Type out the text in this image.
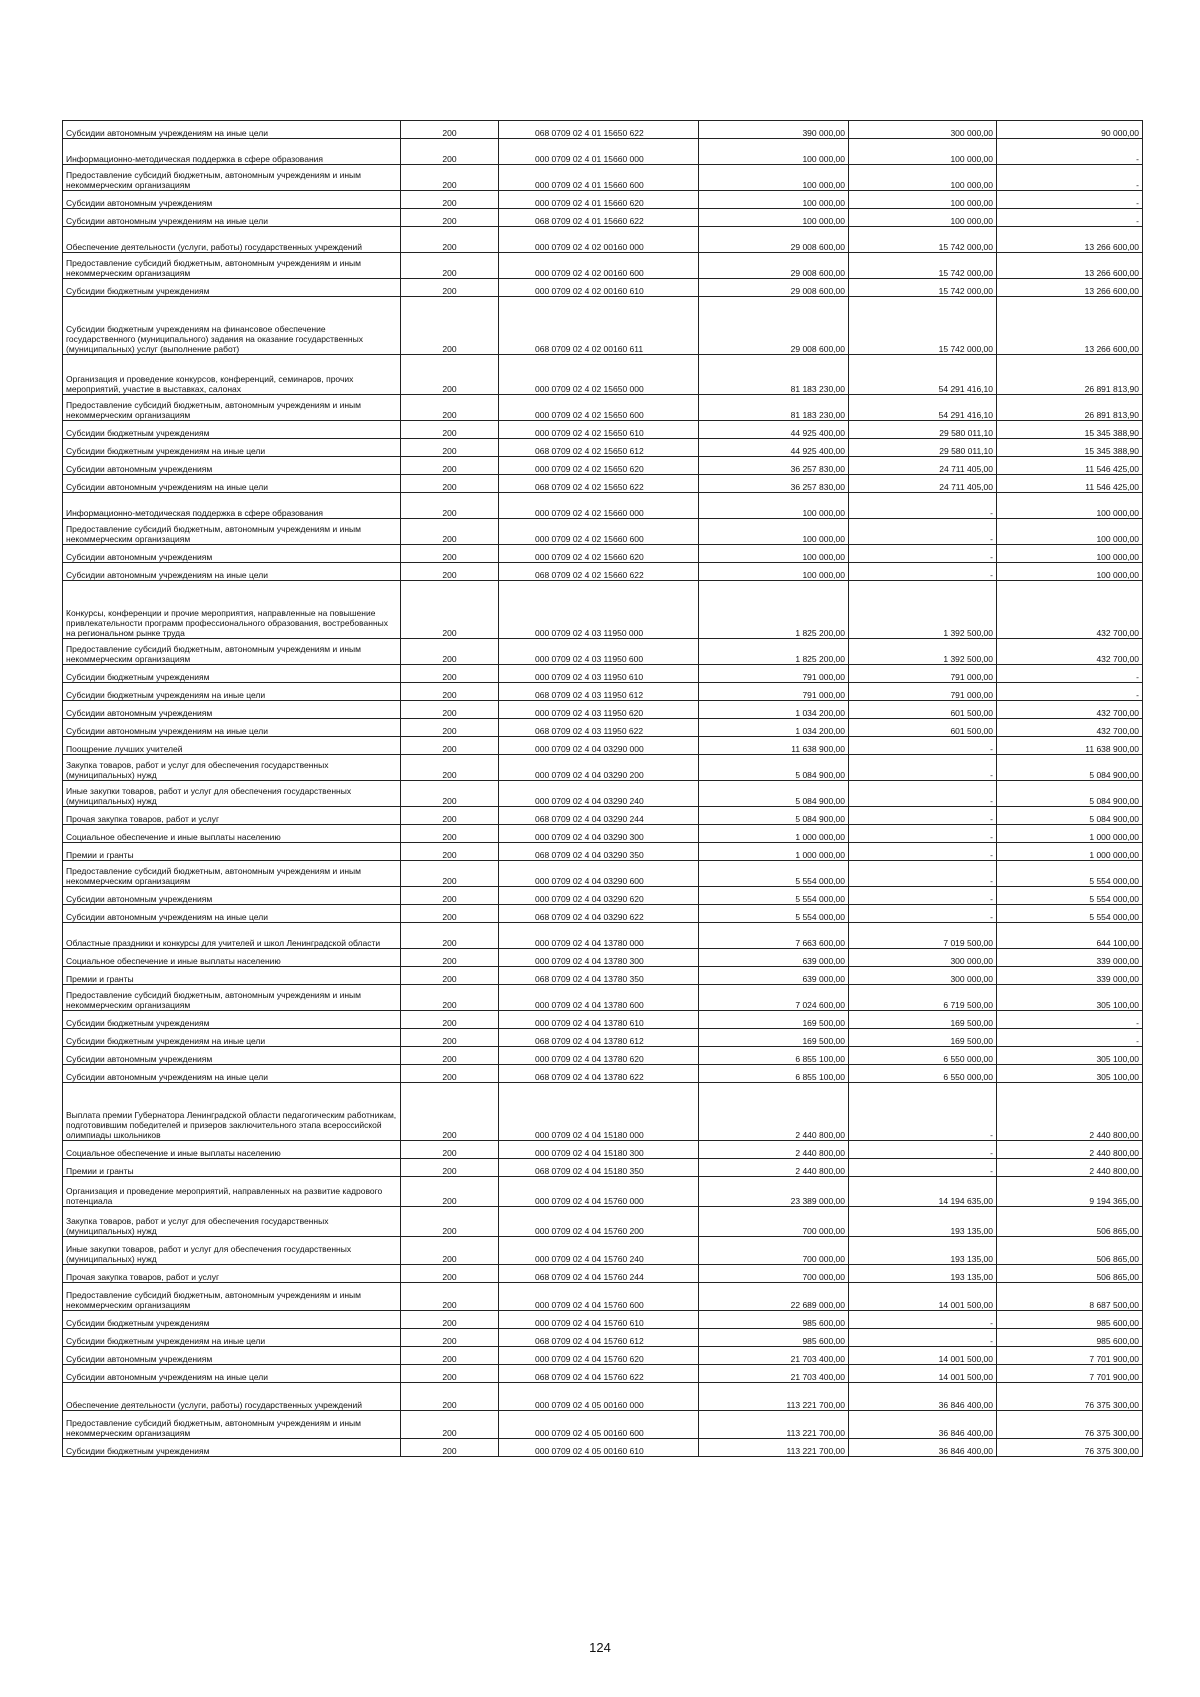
Субсидии автономным учреждениям на иные цели	200	068 0709 02 4 01 15650 622	390 000,00	300 000,00	90 000,00
Информационно-методическая поддержка в сфере образования	200	000 0709 02 4 01 15660 000	100 000,00	100 000,00	-
Предоставление субсидий бюджетным, автономным учреждениям и иным некоммерческим организациям	200	000 0709 02 4 01 15660 600	100 000,00	100 000,00	-
Субсидии автономным учреждениям	200	000 0709 02 4 01 15660 620	100 000,00	100 000,00	-
Субсидии автономным учреждениям на иные цели	200	068 0709 02 4 01 15660 622	100 000,00	100 000,00	-
Обеспечение деятельности (услуги, работы) государственных учреждений	200	000 0709 02 4 02 00160 000	29 008 600,00	15 742 000,00	13 266 600,00
Предоставление субсидий бюджетным, автономным учреждениям и иным некоммерческим организациям	200	000 0709 02 4 02 00160 600	29 008 600,00	15 742 000,00	13 266 600,00
Субсидии бюджетным учреждениям	200	000 0709 02 4 02 00160 610	29 008 600,00	15 742 000,00	13 266 600,00
Субсидии бюджетным учреждениям на финансовое обеспечение государственного (муниципального) задания на оказание государственных (муниципальных) услуг (выполнение работ)	200	068 0709 02 4 02 00160 611	29 008 600,00	15 742 000,00	13 266 600,00
Организация и проведение конкурсов, конференций, семинаров, прочих мероприятий, участие в выставках, салонах	200	000 0709 02 4 02 15650 000	81 183 230,00	54 291 416,10	26 891 813,90
Предоставление субсидий бюджетным, автономным учреждениям и иным некоммерческим организациям	200	000 0709 02 4 02 15650 600	81 183 230,00	54 291 416,10	26 891 813,90
Субсидии бюджетным учреждениям	200	000 0709 02 4 02 15650 610	44 925 400,00	29 580 011,10	15 345 388,90
Субсидии бюджетным учреждениям на иные цели	200	068 0709 02 4 02 15650 612	44 925 400,00	29 580 011,10	15 345 388,90
Субсидии автономным учреждениям	200	000 0709 02 4 02 15650 620	36 257 830,00	24 711 405,00	11 546 425,00
Субсидии автономным учреждениям на иные цели	200	068 0709 02 4 02 15650 622	36 257 830,00	24 711 405,00	11 546 425,00
Информационно-методическая поддержка в сфере образования	200	000 0709 02 4 02 15660 000	100 000,00	-	100 000,00
Предоставление субсидий бюджетным, автономным учреждениям и иным некоммерческим организациям	200	000 0709 02 4 02 15660 600	100 000,00	-	100 000,00
Субсидии автономным учреждениям	200	000 0709 02 4 02 15660 620	100 000,00	-	100 000,00
Субсидии автономным учреждениям на иные цели	200	068 0709 02 4 02 15660 622	100 000,00	-	100 000,00
Конкурсы, конференции и прочие мероприятия, направленные на повышение привлекательности программ профессионального образования, востребованных на региональном рынке труда	200	000 0709 02 4 03 11950 000	1 825 200,00	1 392 500,00	432 700,00
Предоставление субсидий бюджетным, автономным учреждениям и иным некоммерческим организациям	200	000 0709 02 4 03 11950 600	1 825 200,00	1 392 500,00	432 700,00
Субсидии бюджетным учреждениям	200	000 0709 02 4 03 11950 610	791 000,00	791 000,00	-
Субсидии бюджетным учреждениям на иные цели	200	068 0709 02 4 03 11950 612	791 000,00	791 000,00	-
Субсидии автономным учреждениям	200	000 0709 02 4 03 11950 620	1 034 200,00	601 500,00	432 700,00
Субсидии автономным учреждениям на иные цели	200	068 0709 02 4 03 11950 622	1 034 200,00	601 500,00	432 700,00
Поощрение лучших учителей	200	000 0709 02 4 04 03290 000	11 638 900,00	-	11 638 900,00
Закупка товаров, работ и услуг для обеспечения государственных (муниципальных) нужд	200	000 0709 02 4 04 03290 200	5 084 900,00	-	5 084 900,00
Иные закупки товаров, работ и услуг для обеспечения государственных (муниципальных) нужд	200	000 0709 02 4 04 03290 240	5 084 900,00	-	5 084 900,00
Прочая закупка товаров, работ и услуг	200	068 0709 02 4 04 03290 244	5 084 900,00	-	5 084 900,00
Социальное обеспечение и иные выплаты населению	200	000 0709 02 4 04 03290 300	1 000 000,00	-	1 000 000,00
Премии и гранты	200	068 0709 02 4 04 03290 350	1 000 000,00	-	1 000 000,00
Предоставление субсидий бюджетным, автономным учреждениям и иным некоммерческим организациям	200	000 0709 02 4 04 03290 600	5 554 000,00	-	5 554 000,00
Субсидии автономным учреждениям	200	000 0709 02 4 04 03290 620	5 554 000,00	-	5 554 000,00
Субсидии автономным учреждениям на иные цели	200	068 0709 02 4 04 03290 622	5 554 000,00	-	5 554 000,00
Областные праздники и конкурсы для учителей и школ Ленинградской области	200	000 0709 02 4 04 13780 000	7 663 600,00	7 019 500,00	644 100,00
Социальное обеспечение и иные выплаты населению	200	000 0709 02 4 04 13780 300	639 000,00	300 000,00	339 000,00
Премии и гранты	200	068 0709 02 4 04 13780 350	639 000,00	300 000,00	339 000,00
Предоставление субсидий бюджетным, автономным учреждениям и иным некоммерческим организациям	200	000 0709 02 4 04 13780 600	7 024 600,00	6 719 500,00	305 100,00
Субсидии бюджетным учреждениям	200	000 0709 02 4 04 13780 610	169 500,00	169 500,00	-
Субсидии бюджетным учреждениям на иные цели	200	068 0709 02 4 04 13780 612	169 500,00	169 500,00	-
Субсидии автономным учреждениям	200	000 0709 02 4 04 13780 620	6 855 100,00	6 550 000,00	305 100,00
Субсидии автономным учреждениям на иные цели	200	068 0709 02 4 04 13780 622	6 855 100,00	6 550 000,00	305 100,00
Выплата премии Губернатора Ленинградской области педагогическим работникам, подготовившим победителей и призеров заключительного этапа всероссийской олимпиады школьников	200	000 0709 02 4 04 15180 000	2 440 800,00	-	2 440 800,00
Социальное обеспечение и иные выплаты населению	200	000 0709 02 4 04 15180 300	2 440 800,00	-	2 440 800,00
Премии и гранты	200	068 0709 02 4 04 15180 350	2 440 800,00	-	2 440 800,00
Организация и проведение мероприятий, направленных на развитие кадрового потенциала	200	000 0709 02 4 04 15760 000	23 389 000,00	14 194 635,00	9 194 365,00
Закупка товаров, работ и услуг для обеспечения государственных (муниципальных) нужд	200	000 0709 02 4 04 15760 200	700 000,00	193 135,00	506 865,00
Иные закупки товаров, работ и услуг для обеспечения государственных (муниципальных) нужд	200	000 0709 02 4 04 15760 240	700 000,00	193 135,00	506 865,00
Прочая закупка товаров, работ и услуг	200	068 0709 02 4 04 15760 244	700 000,00	193 135,00	506 865,00
Предоставление субсидий бюджетным, автономным учреждениям и иным некоммерческим организациям	200	000 0709 02 4 04 15760 600	22 689 000,00	14 001 500,00	8 687 500,00
Субсидии бюджетным учреждениям	200	000 0709 02 4 04 15760 610	985 600,00	-	985 600,00
Субсидии бюджетным учреждениям на иные цели	200	068 0709 02 4 04 15760 612	985 600,00	-	985 600,00
Субсидии автономным учреждениям	200	000 0709 02 4 04 15760 620	21 703 400,00	14 001 500,00	7 701 900,00
Субсидии автономным учреждениям на иные цели	200	068 0709 02 4 04 15760 622	21 703 400,00	14 001 500,00	7 701 900,00
Обеспечение деятельности (услуги, работы) государственных учреждений	200	000 0709 02 4 05 00160 000	113 221 700,00	36 846 400,00	76 375 300,00
Предоставление субсидий бюджетным, автономным учреждениям и иным некоммерческим организациям	200	000 0709 02 4 05 00160 600	113 221 700,00	36 846 400,00	76 375 300,00
Субсидии бюджетным учреждениям	200	000 0709 02 4 05 00160 610	113 221 700,00	36 846 400,00	76 375 300,00
124
